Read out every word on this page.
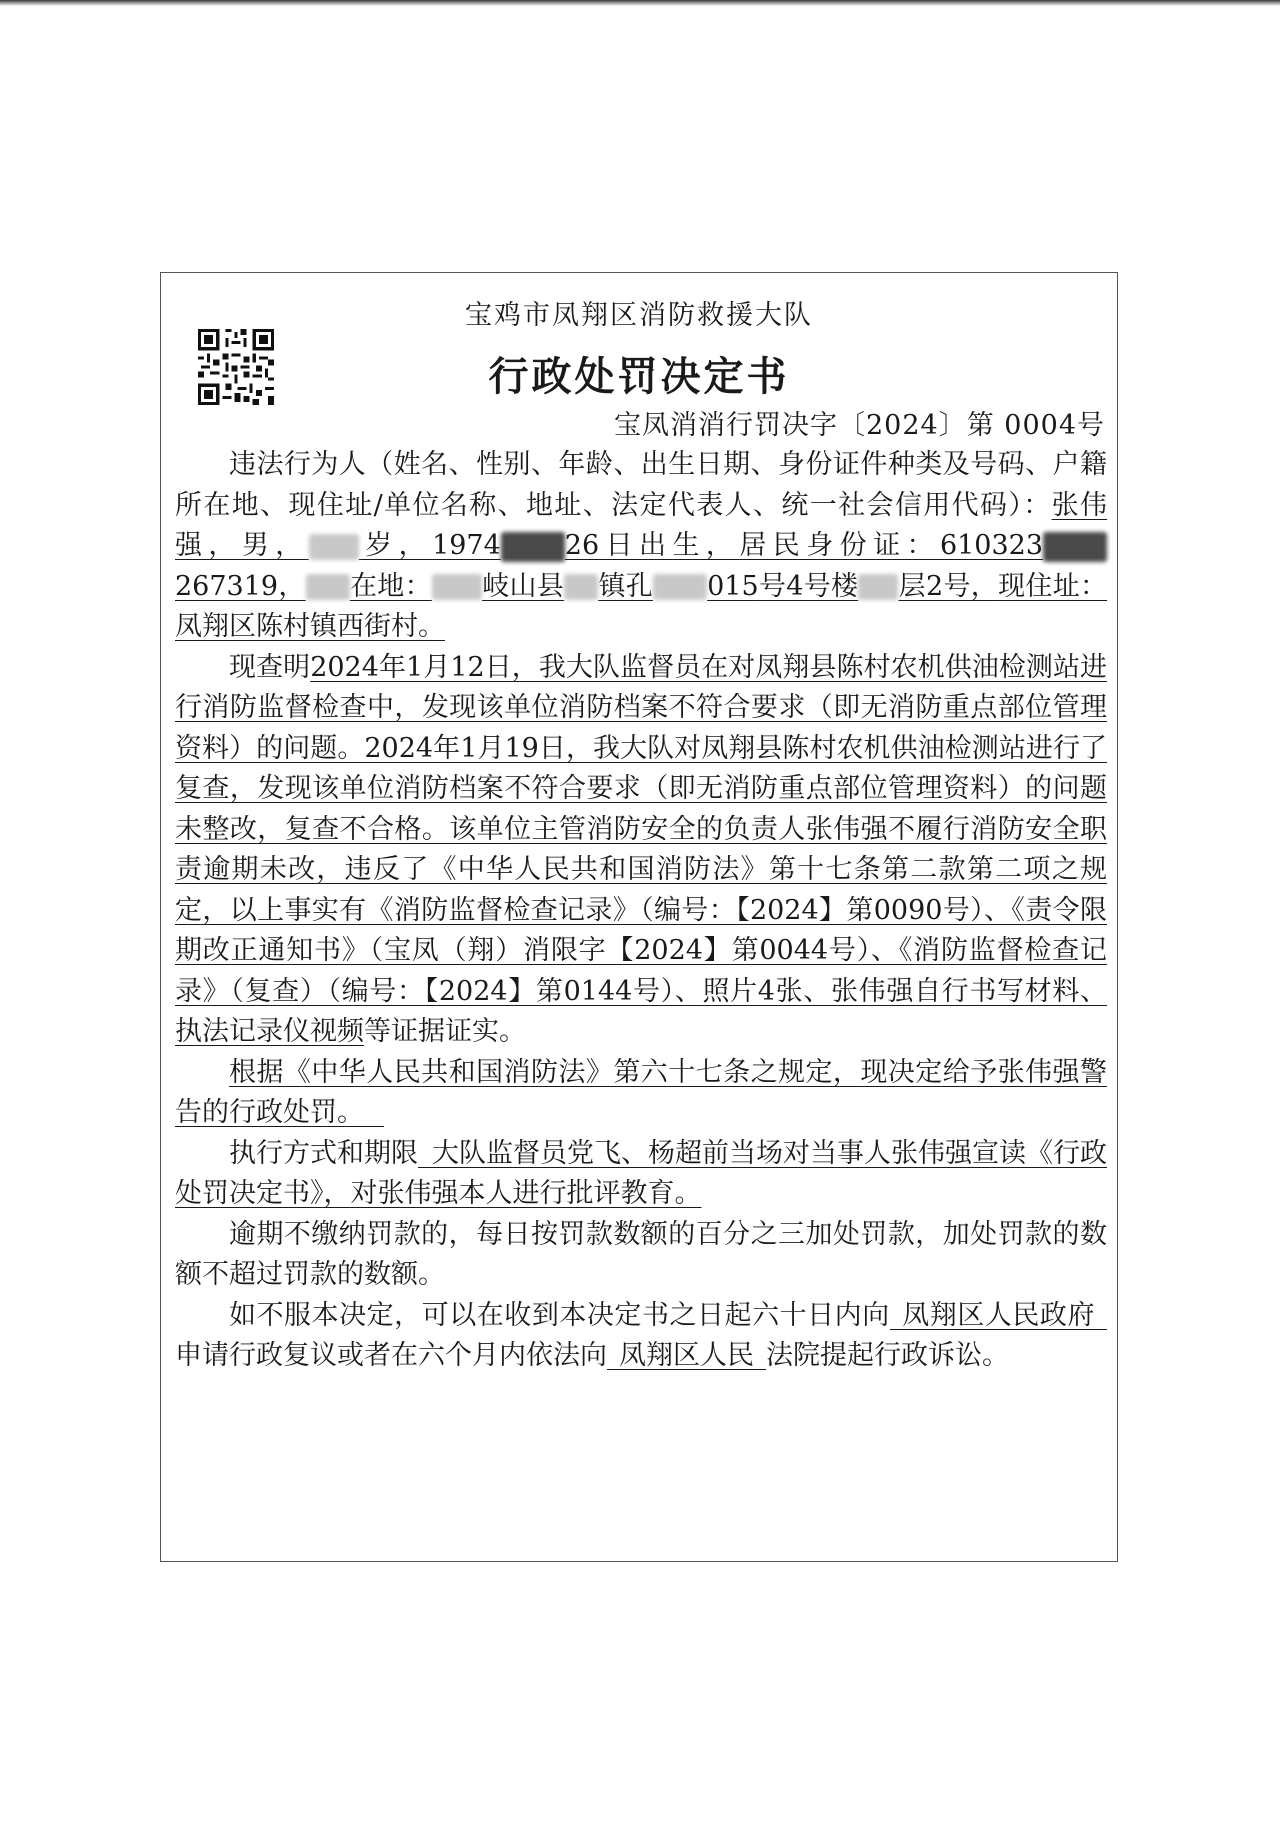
宝鸡市凤翔区消防救援大队
行政处罚决定书
宝凤消消行罚决字〔2024〕第 0004号

违法行为人（姓名、性别、年龄、出生日期、身份证件种类及号码、户籍所在地、现住址/单位名称、地址、法定代表人、统一社会信用代码）：张伟强，男， 岁，1974 26日出生，居民身份证：610323267319， 在地： 岐山县 镇孔 015号4号楼 层2号，现住址：凤翔区陈村镇西街村。

现查明2024年1月12日，我大队监督员在对凤翔县陈村农机供油检测站进行消防监督检查中，发现该单位消防档案不符合要求（即无消防重点部位管理资料）的问题。2024年1月19日，我大队对凤翔县陈村农机供油检测站进行了复查，发现该单位消防档案不符合要求（即无消防重点部位管理资料）的问题未整改，复查不合格。该单位主管消防安全的负责人张伟强不履行消防安全职责逾期未改，违反了《中华人民共和国消防法》第十七条第二款第二项之规定，以上事实有《消防监督检查记录》（编号：【2024】第0090号）、《责令限期改正通知书》（宝凤（翔）消限字【2024】第0044号）、《消防监督检查记录》（复查）（编号：【2024】第0144号）、照片4张、张伟强自行书写材料、执法记录仪视频等证据证实。

根据《中华人民共和国消防法》第六十七条之规定，现决定给予张伟强警告的行政处罚。

执行方式和期限 大队监督员党飞、杨超前当场对当事人张伟强宣读《行政处罚决定书》，对张伟强本人进行批评教育。

逾期不缴纳罚款的，每日按罚款数额的百分之三加处罚款，加处罚款的数额不超过罚款的数额。

如不服本决定，可以在收到本决定书之日起六十日内向 凤翔区人民政府申请行政复议或者在六个月内依法向 凤翔区人民 法院提起行政诉讼。
